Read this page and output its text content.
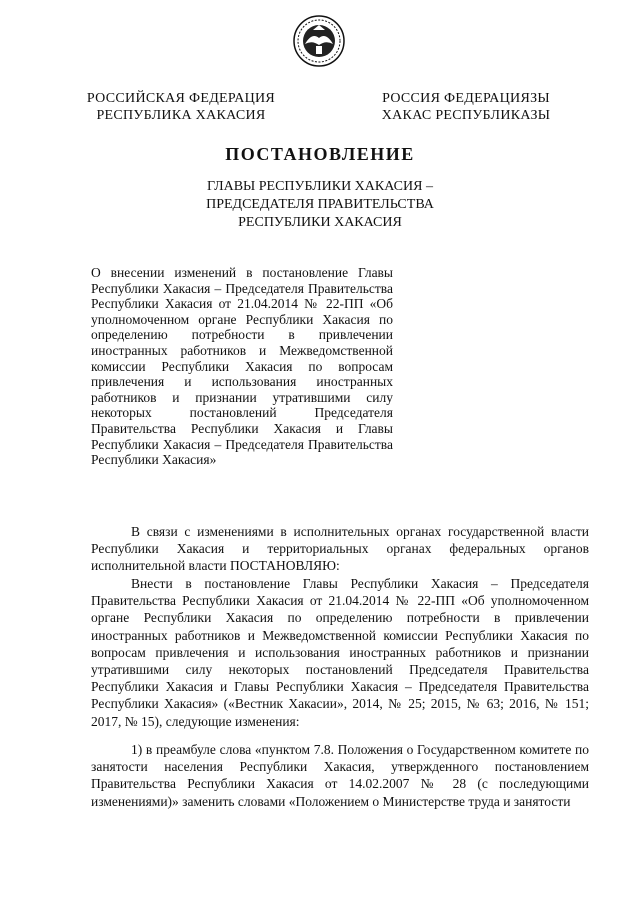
РОССИЙСКАЯ ФЕДЕРАЦИЯ
РЕСПУБЛИКА ХАКАСИЯ
РОССИЯ ФЕДЕРАЦИЯЗЫ
ХАКАС РЕСПУБЛИКАЗЫ
ПОСТАНОВЛЕНИЕ
ГЛАВЫ РЕСПУБЛИКИ ХАКАСИЯ –
ПРЕДСЕДАТЕЛЯ ПРАВИТЕЛЬСТВА
РЕСПУБЛИКИ ХАКАСИЯ
О внесении изменений в постановление Главы Республики Хакасия – Председателя Правительства Республики Хакасия от 21.04.2014 № 22-ПП «Об уполномоченном органе Республики Хакасия по определению потребности в привлечении иностранных работников и Межведомственной комиссии Республики Хакасия по вопросам привлечения и использования иностранных работников и признании утратившими силу некоторых постановлений Председателя Правительства Республики Хакасия и Главы Республики Хакасия – Председателя Правительства Республики Хакасия»

В связи с изменениями в исполнительных органах государственной власти Республики Хакасия и территориальных органах федеральных органов исполнительной власти ПОСТАНОВЛЯЮ:

Внести в постановление Главы Республики Хакасия – Председателя Правительства Республики Хакасия от 21.04.2014 № 22-ПП «Об уполномоченном органе Республики Хакасия по определению потребности в привлечении иностранных работников и Межведомственной комиссии Республики Хакасия по вопросам привлечения и использования иностранных работников и признании утратившими силу некоторых постановлений Председателя Правительства Республики Хакасия и Главы Республики Хакасия – Председателя Правительства Республики Хакасия» («Вестник Хакасии», 2014, № 25; 2015, № 63; 2016, № 151; 2017, № 15), следующие изменения:

1) в преамбуле слова «пунктом 7.8. Положения о Государственном комитете по занятости населения Республики Хакасия, утвержденного постановлением Правительства Республики Хакасия от 14.02.2007 № 28 (с последующими изменениями)» заменить словами «Положением о Министерстве труда и занятости
